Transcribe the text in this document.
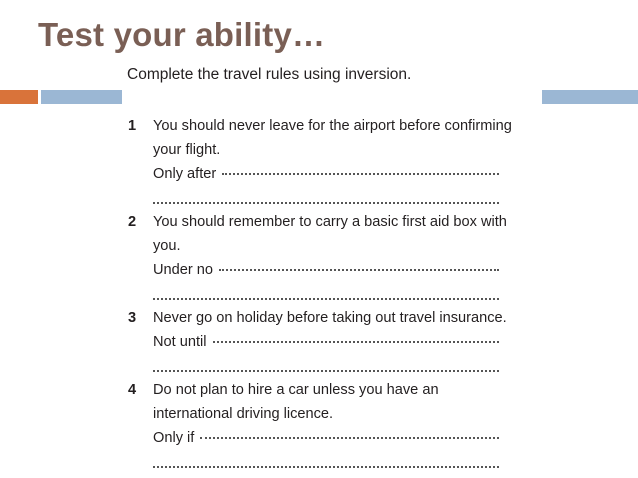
Test your ability…
Complete the travel rules using inversion.
1 You should never leave for the airport before confirming
your flight.
Only after
2 You should remember to carry a basic first aid box with
you.
Under no
3 Never go on holiday before taking out travel insurance.
Not until
4 Do not plan to hire a car unless you have an
international driving licence.
Only if
